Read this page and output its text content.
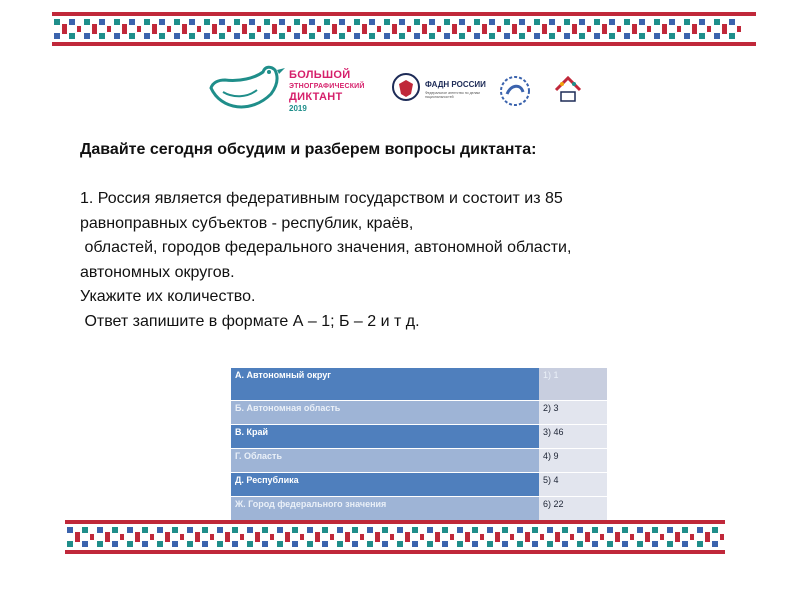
БОЛЬШОЙ
ЭТНОГРАФИЧЕСКИЙ
ДИКТАНТ
2019
ФАДН РОССИИ
Федеральное агентство по делам национальностей

Давайте сегодня обсудим и разберем вопросы диктанта:

1. Россия является федеративным государством и состоит из 85

равноправных субъектов - республик, краёв,

областей, городов федерального значения, автономной области,

автономных округов.

Укажите их количество.

Ответ запишите в формате А – 1; Б – 2 и т д.

А. Автономный округ	1) 1
Б. Автономная область	2) 3
В. Край	3) 46
Г. Область	4) 9
Д. Республика	5) 4
Ж. Город федерального значения	6) 22
